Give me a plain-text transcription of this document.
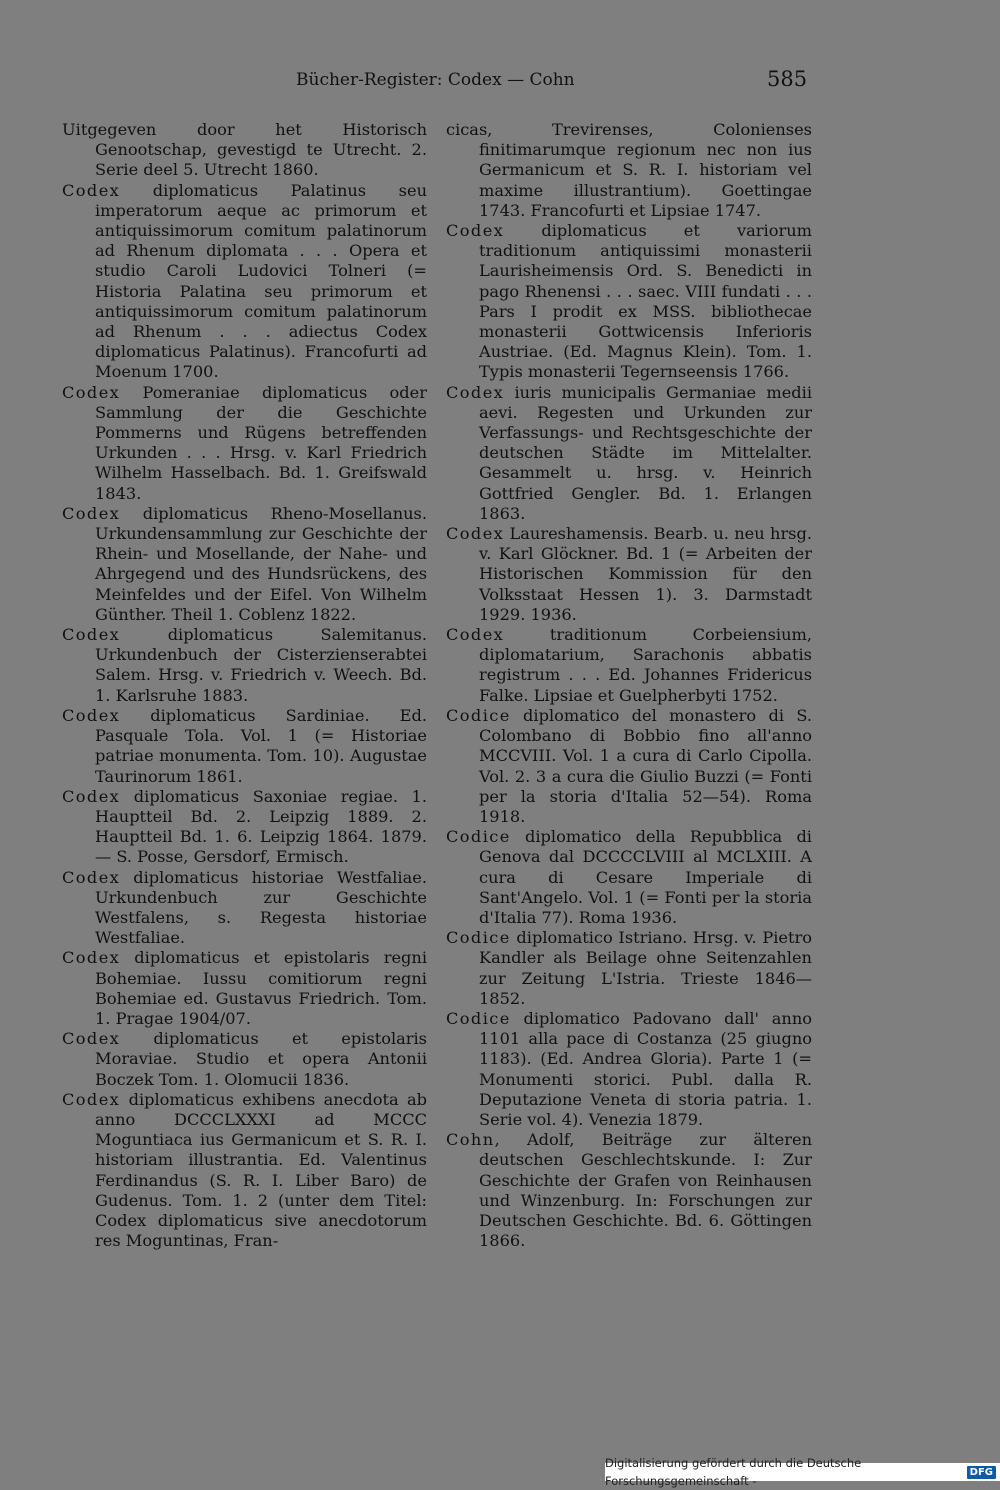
Bücher-Register: Codex — Cohn	585

Uitgegeven door het Historisch Genootschap, gevestigd te Utrecht. 2. Serie deel 5. Utrecht 1860.

Codex diplomaticus Palatinus seu imperatorum aeque ac primorum et antiquissimorum comitum palatinorum ad Rhenum diplomata . . . Opera et studio Caroli Ludovici Tolneri (= Historia Palatina seu primorum et antiquissimorum comitum palatinorum ad Rhenum . . . adiectus Codex diplomaticus Palatinus). Francofurti ad Moenum 1700.

Codex Pomeraniae diplomaticus oder Sammlung der die Geschichte Pommerns und Rügens betreffenden Urkunden . . . Hrsg. v. Karl Friedrich Wilhelm Hasselbach. Bd. 1. Greifswald 1843.

Codex diplomaticus Rheno-Mosellanus. Urkundensammlung zur Geschichte der Rhein- und Mosellande, der Nahe- und Ahrgegend und des Hundsrückens, des Meinfeldes und der Eifel. Von Wilhelm Günther. Theil 1. Coblenz 1822.

Codex diplomaticus Salemitanus. Urkundenbuch der Cisterzienserabtei Salem. Hrsg. v. Friedrich v. Weech. Bd. 1. Karlsruhe 1883.

Codex diplomaticus Sardiniae. Ed. Pasquale Tola. Vol. 1 (= Historiae patriae monumenta. Tom. 10). Augustae Taurinorum 1861.

Codex diplomaticus Saxoniae regiae. 1. Hauptteil Bd. 2. Leipzig 1889. 2. Hauptteil Bd. 1. 6. Leipzig 1864. 1879. — S. Posse, Gersdorf, Ermisch.

Codex diplomaticus historiae Westfaliae. Urkundenbuch zur Geschichte Westfalens, s. Regesta historiae Westfaliae.

Codex diplomaticus et epistolaris regni Bohemiae. Iussu comitiorum regni Bohemiae ed. Gustavus Friedrich. Tom. 1. Pragae 1904/07.

Codex diplomaticus et epistolaris Moraviae. Studio et opera Antonii Boczek Tom. 1. Olomucii 1836.

Codex diplomaticus exhibens anecdota ab anno DCCCLXXXI ad MCCC Moguntiaca ius Germanicum et S. R. I. historiam illustrantia. Ed. Valentinus Ferdinandus (S. R. I. Liber Baro) de Gudenus. Tom. 1. 2 (unter dem Titel: Codex diplomaticus sive anecdotorum res Moguntinas, Fran-

cicas, Trevirenses, Colonienses finitimarumque regionum nec non ius Germanicum et S. R. I. historiam vel maxime illustrantium). Goettingae 1743. Francofurti et Lipsiae 1747.

Codex diplomaticus et variorum traditionum antiquissimi monasterii Laurisheimensis Ord. S. Benedicti in pago Rhenensi . . . saec. VIII fundati . . . Pars I prodit ex MSS. bibliothecae monasterii Gottwicensis Inferioris Austriae. (Ed. Magnus Klein). Tom. 1. Typis monasterii Tegernseensis 1766.

Codex iuris municipalis Germaniae medii aevi. Regesten und Urkunden zur Verfassungs- und Rechtsgeschichte der deutschen Städte im Mittelalter. Gesammelt u. hrsg. v. Heinrich Gottfried Gengler. Bd. 1. Erlangen 1863.

Codex Laureshamensis. Bearb. u. neu hrsg. v. Karl Glöckner. Bd. 1 (= Arbeiten der Historischen Kommission für den Volksstaat Hessen 1). 3. Darmstadt 1929. 1936.

Codex traditionum Corbeiensium, diplomatarium, Sarachonis abbatis registrum . . . Ed. Johannes Fridericus Falke. Lipsiae et Guelpherbyti 1752.

Codice diplomatico del monastero di S. Colombano di Bobbio fino all'anno MCCVIII. Vol. 1 a cura di Carlo Cipolla. Vol. 2. 3 a cura die Giulio Buzzi (= Fonti per la storia d'Italia 52—54). Roma 1918.

Codice diplomatico della Repubblica di Genova dal DCCCCLVIII al MCLXIII. A cura di Cesare Imperiale di Sant'Angelo. Vol. 1 (= Fonti per la storia d'Italia 77). Roma 1936.

Codice diplomatico Istriano. Hrsg. v. Pietro Kandler als Beilage ohne Seitenzahlen zur Zeitung L'Istria. Trieste 1846—1852.

Codice diplomatico Padovano dall' anno 1101 alla pace di Costanza (25 giugno 1183). (Ed. Andrea Gloria). Parte 1 (= Monumenti storici. Publ. dalla R. Deputazione Veneta di storia patria. 1. Serie vol. 4). Venezia 1879.

Cohn, Adolf, Beiträge zur älteren deutschen Geschlechtskunde. I: Zur Geschichte der Grafen von Reinhausen und Winzenburg. In: Forschungen zur Deutschen Geschichte. Bd. 6. Göttingen 1866.

Digitalisierung gefördert durch die Deutsche Forschungsgemeinschaft -
DFG
